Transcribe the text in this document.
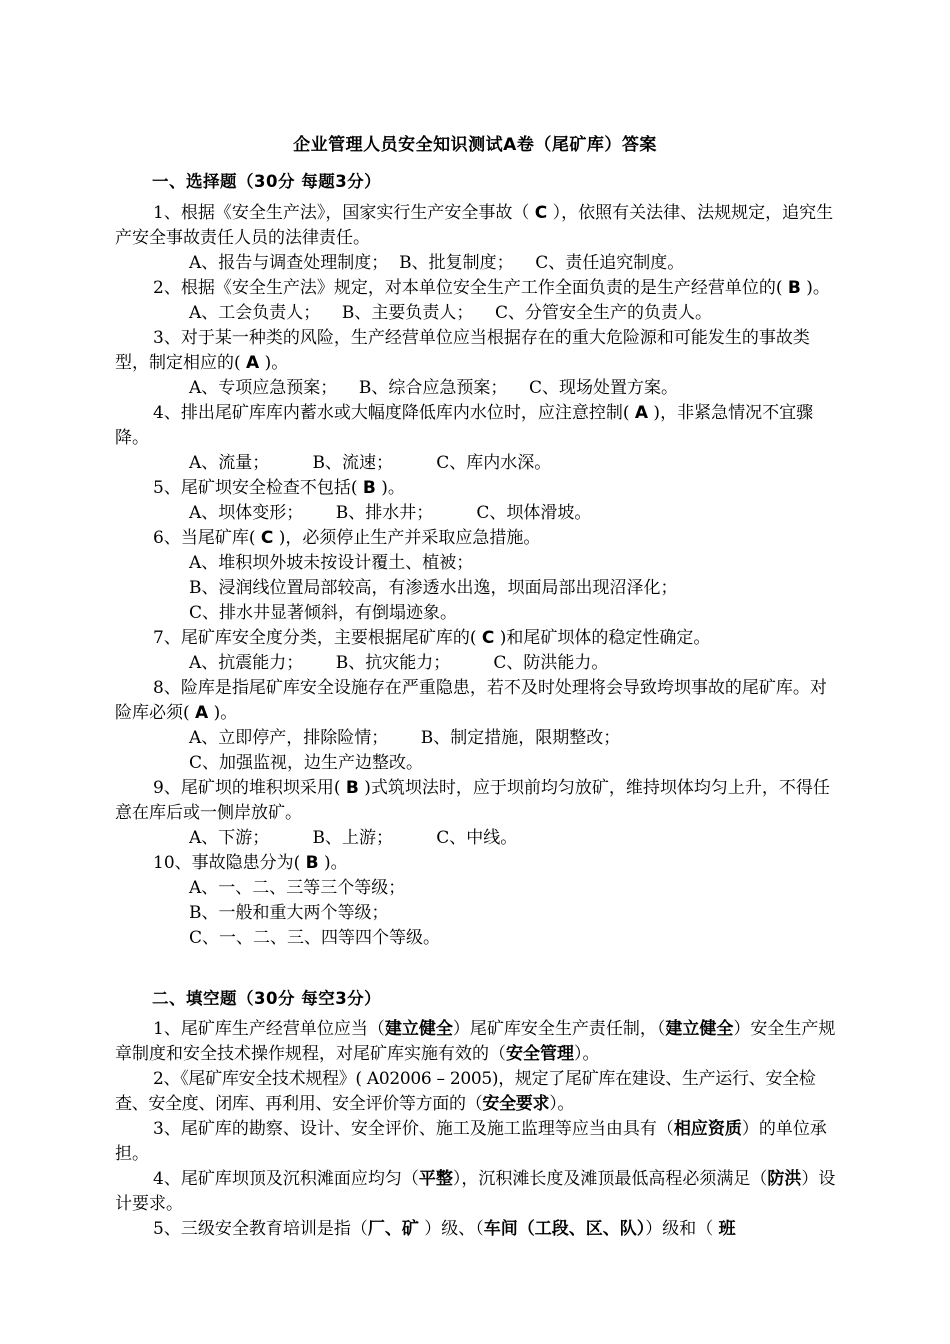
企业管理人员安全知识测试A卷（尾矿库）答案
一、选择题（30分 每题3分）

1、根据《安全生产法》，国家实行生产安全事故（ C ），依照有关法律、法规规定，追究生产安全事故责任人员的法律责任。

A、报告与调查处理制度；  B、批复制度；    C、责任追究制度。

2、根据《安全生产法》规定，对本单位安全生产工作全面负责的是生产经营单位的( B )。

A、工会负责人；    B、主要负责人；    C、分管安全生产的负责人。

3、对于某一种类的风险，生产经营单位应当根据存在的重大危险源和可能发生的事故类型，制定相应的( A )。

A、专项应急预案；    B、综合应急预案；    C、现场处置方案。

4、排出尾矿库库内蓄水或大幅度降低库内水位时，应注意控制( A )，非紧急情况不宜骤降。

A、流量；        B、流速；        C、库内水深。

5、尾矿坝安全检查不包括( B )。

A、坝体变形；      B、排水井；        C、坝体滑坡。

6、当尾矿库( C )，必须停止生产并采取应急措施。

A、堆积坝外坡未按设计覆土、植被；

B、浸润线位置局部较高，有渗透水出逸，坝面局部出现沼泽化；

C、排水井显著倾斜，有倒塌迹象。

7、尾矿库安全度分类，主要根据尾矿库的( C )和尾矿坝体的稳定性确定。

A、抗震能力；      B、抗灾能力；        C、防洪能力。

8、险库是指尾矿库安全设施存在严重隐患，若不及时处理将会导致垮坝事故的尾矿库。对险库必须( A )。

A、立即停产，排除险情；      B、制定措施，限期整改；

C、加强监视，边生产边整改。

9、尾矿坝的堆积坝采用( B )式筑坝法时，应于坝前均匀放矿，维持坝体均匀上升，不得任意在库后或一侧岸放矿。

A、下游；        B、上游；        C、中线。

10、事故隐患分为( B )。

A、一、二、三等三个等级；

B、一般和重大两个等级；

C、一、二、三、四等四个等级。

二、填空题（30分 每空3分）

1、尾矿库生产经营单位应当（建立健全）尾矿库安全生产责任制，（建立健全）安全生产规章制度和安全技术操作规程，对尾矿库实施有效的（安全管理）。

2、《尾矿库安全技术规程》( A02006 – 2005)，规定了尾矿库在建设、生产运行、安全检查、安全度、闭库、再利用、安全评价等方面的（安全要求）。

3、尾矿库的勘察、设计、安全评价、施工及施工监理等应当由具有（相应资质）的单位承担。

4、尾矿库坝顶及沉积滩面应均匀（平整），沉积滩长度及滩顶最低高程必须满足（防洪）设计要求。

5、三级安全教育培训是指（厂、矿 ）级、（车间（工段、区、队））级和（ 班
